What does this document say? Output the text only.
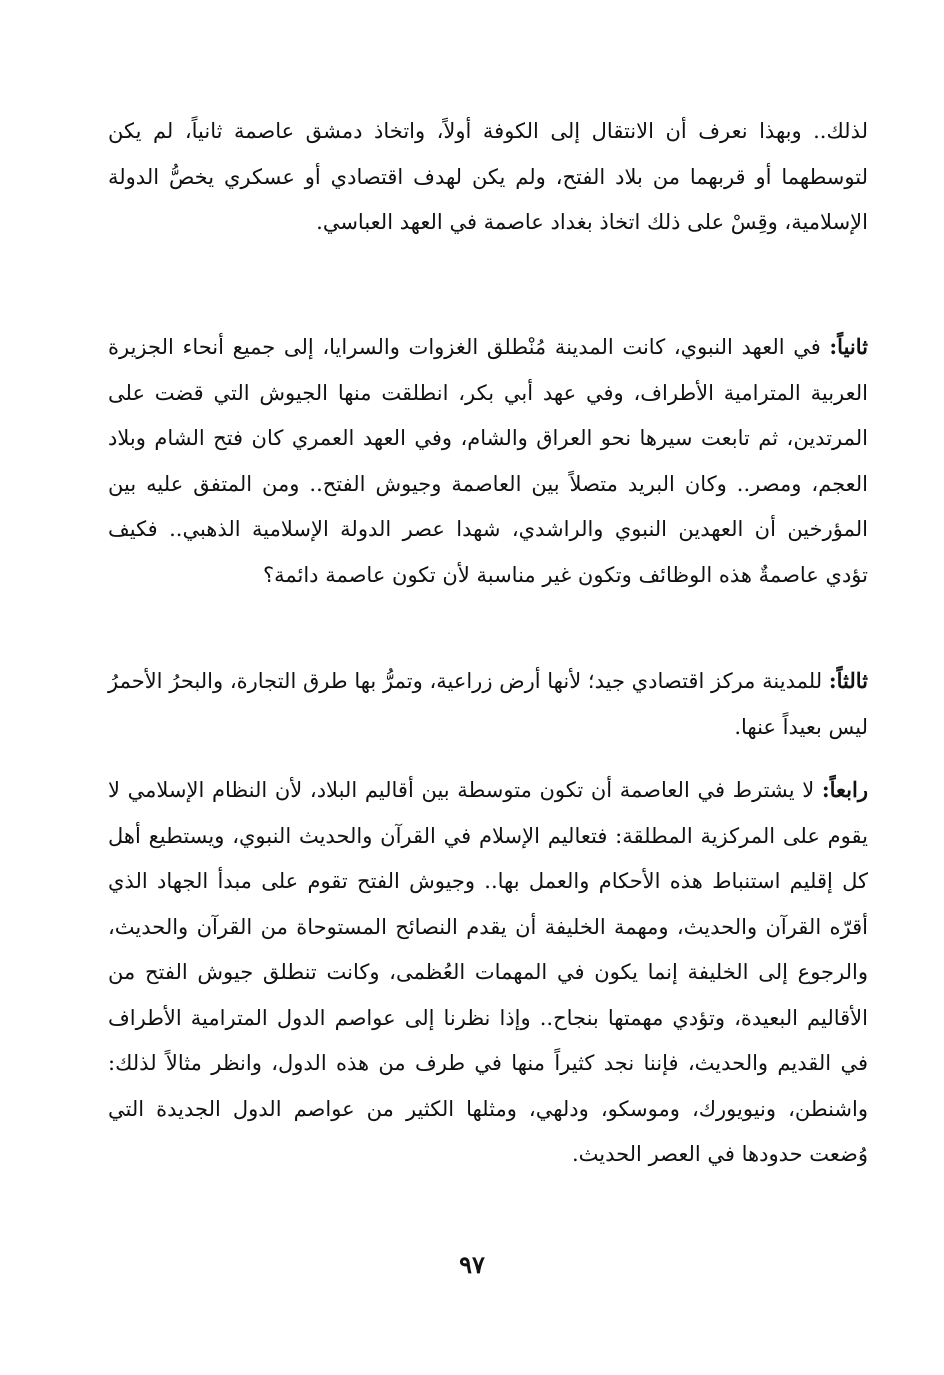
لذلك.. وبهذا نعرف أن الانتقال إلى الكوفة أولاً، واتخاذ دمشق عاصمة ثانياً، لم يكن لتوسطهما أو قربهما من بلاد الفتح، ولم يكن لهدف اقتصادي أو عسكري يخصُّ الدولة الإسلامية، وقِسْ على ذلك اتخاذ بغداد عاصمة في العهد العباسي.

ثانياً: في العهد النبوي، كانت المدينة مُنْطلق الغزوات والسرايا، إلى جميع أنحاء الجزيرة العربية المترامية الأطراف، وفي عهد أبي بكر، انطلقت منها الجيوش التي قضت على المرتدين، ثم تابعت سيرها نحو العراق والشام، وفي العهد العمري كان فتح الشام وبلاد العجم، ومصر.. وكان البريد متصلاً بين العاصمة وجيوش الفتح.. ومن المتفق عليه بين المؤرخين أن العهدين النبوي والراشدي، شهدا عصر الدولة الإسلامية الذهبي.. فكيف تؤدي عاصمةٌ هذه الوظائف وتكون غير مناسبة لأن تكون عاصمة دائمة؟

ثالثاً: للمدينة مركز اقتصادي جيد؛ لأنها أرض زراعية، وتمرُّ بها طرق التجارة، والبحرُ الأحمرُ ليس بعيداً عنها.

رابعاً: لا يشترط في العاصمة أن تكون متوسطة بين أقاليم البلاد، لأن النظام الإسلامي لا يقوم على المركزية المطلقة: فتعاليم الإسلام في القرآن والحديث النبوي، ويستطيع أهل كل إقليم استنباط هذه الأحكام والعمل بها.. وجيوش الفتح تقوم على مبدأ الجهاد الذي أقرّه القرآن والحديث، ومهمة الخليفة أن يقدم النصائح المستوحاة من القرآن والحديث، والرجوع إلى الخليفة إنما يكون في المهمات العُظمى، وكانت تنطلق جيوش الفتح من الأقاليم البعيدة، وتؤدي مهمتها بنجاح.. وإذا نظرنا إلى عواصم الدول المترامية الأطراف في القديم والحديث، فإننا نجد كثيراً منها في طرف من هذه الدول، وانظر مثالاً لذلك: واشنطن، ونيويورك، وموسكو، ودلهي، ومثلها الكثير من عواصم الدول الجديدة التي وُضعت حدودها في العصر الحديث.

٩٧
